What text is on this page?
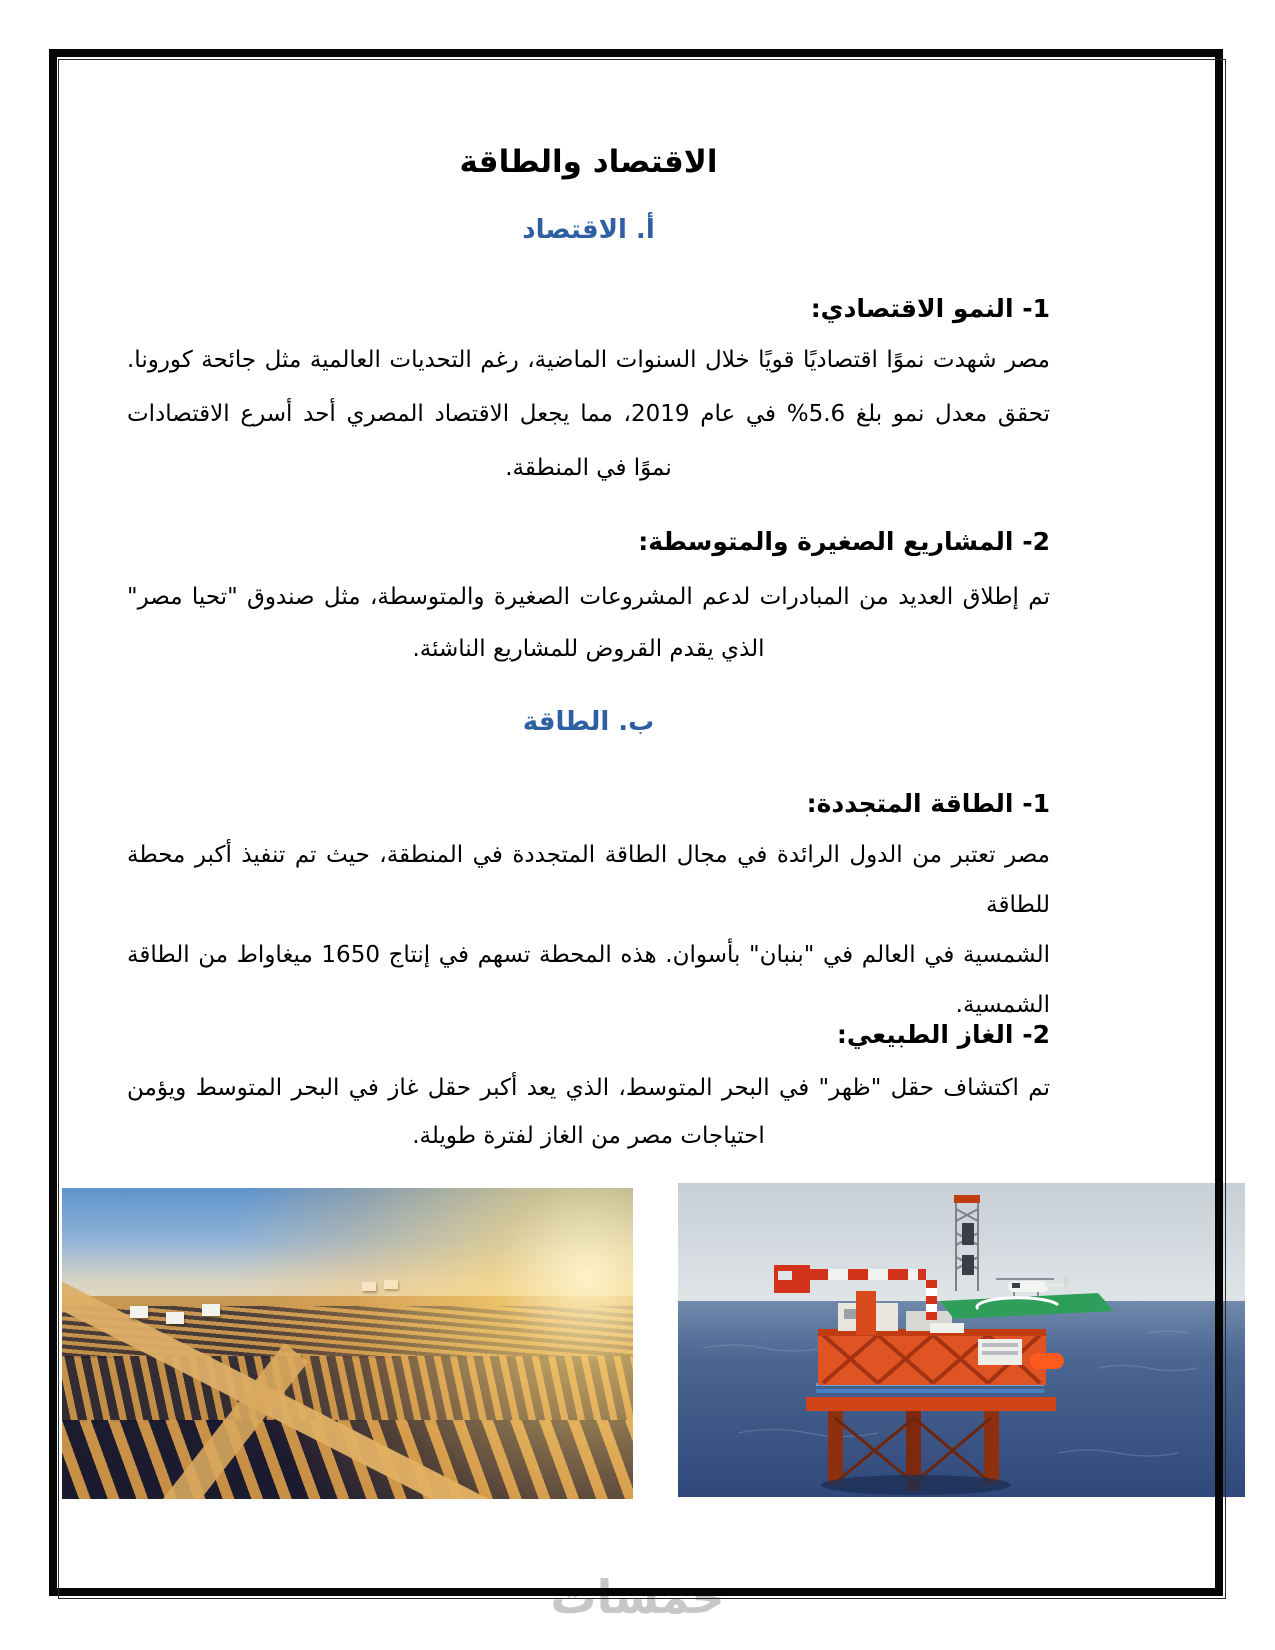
خمسات
الاقتصاد والطاقة
أ. الاقتصاد
1- النمو الاقتصادي:
مصر شهدت نموًا اقتصاديًا قويًا خلال السنوات الماضية، رغم التحديات العالمية مثل جائحة كورونا.
تحقق معدل نمو بلغ 5.6% في عام 2019، مما يجعل الاقتصاد المصري أحد أسرع الاقتصادات
نموًا في المنطقة.
2- المشاريع الصغيرة والمتوسطة:
تم إطلاق العديد من المبادرات لدعم المشروعات الصغيرة والمتوسطة، مثل صندوق "تحيا مصر"
الذي يقدم القروض للمشاريع الناشئة.
ب. الطاقة
1- الطاقة المتجددة:
مصر تعتبر من الدول الرائدة في مجال الطاقة المتجددة في المنطقة، حيث تم تنفيذ أكبر محطة للطاقة
الشمسية في العالم في "بنبان" بأسوان. هذه المحطة تسهم في إنتاج 1650 ميغاواط من الطاقة
الشمسية.
2- الغاز الطبيعي:
تم اكتشاف حقل "ظهر" في البحر المتوسط، الذي يعد أكبر حقل غاز في البحر المتوسط ويؤمن
احتياجات مصر من الغاز لفترة طويلة.
